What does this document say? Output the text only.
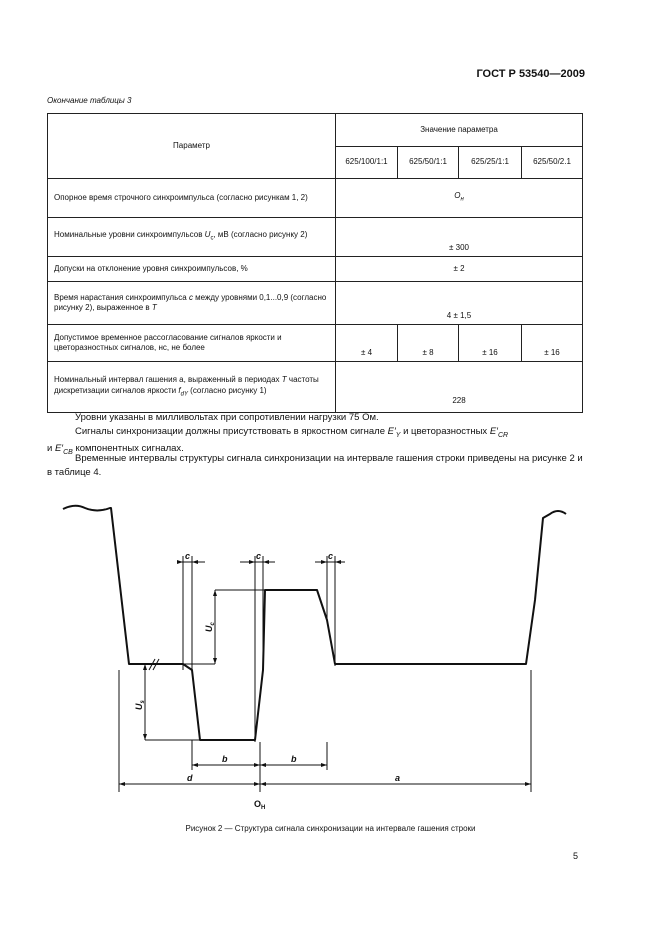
ГОСТ Р 53540—2009
Окончание таблицы 3
Параметр	Значение параметра			
	625/100/1:1	625/50/1:1	625/25/1:1	625/50/2.1
Опорное время строчного синхроимпульса (согласно рисункам 1, 2)	$O_н$
Номинальные уровни синхроимпульсов $U_c$, мВ (согласно рисунку 2)	± 300			
Допуски на отклонение уровня синхроимпульсов, %	± 2			
Время нарастания синхроимпульса c между уровнями 0,1...0,9 (согласно рисунку 2), выраженное в T	4 ± 1,5			
Допустимое временное рассогласование сигналов яркости и цветоразностных сигналов, нс, не более	± 4	± 8	± 16	± 16
Номинальный интервал гашения a, выраженный в периодах T частоты дискретизации сигналов яркости $f_{dY}$ (согласно рисунку 1)	228			
Уровни указаны в милливольтах при сопротивлении нагрузки 75 Ом.
Сигналы синхронизации должны присутствовать в яркостном сигнале $E'_Y$ и цветоразностных $E'_{CR}$
и $E'_{CB}$ компонентных сигналах.
Временные интервалы структуры сигнала синхронизации на интервале гашения строки приведены на рисунке 2 и в таблице 4.
c	c	c
$U_c$
$U_s$
b	b
d	a
$O_H$
Рисунок 2 — Структура сигнала синхронизации на интервале гашения строки
5
